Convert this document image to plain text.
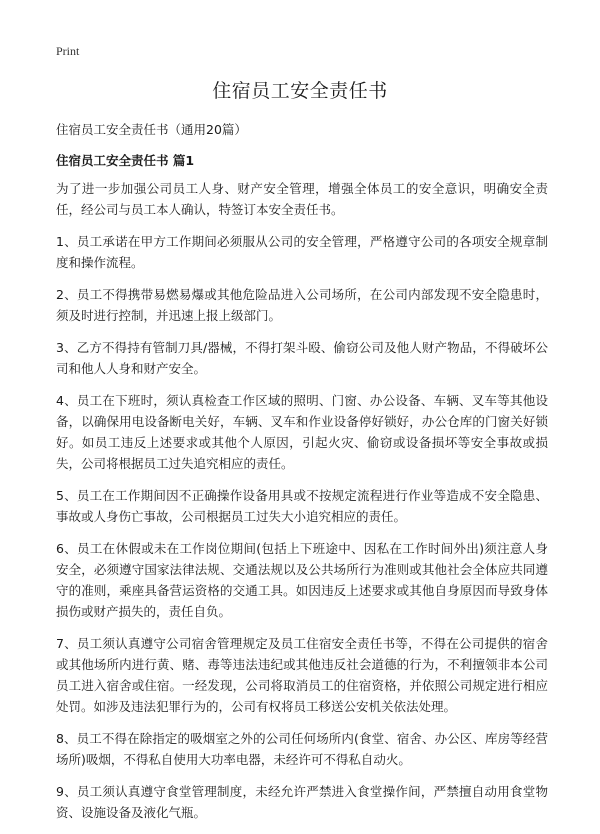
Print
住宿员工安全责任书
住宿员工安全责任书（通用20篇）
住宿员工安全责任书 篇1

为了进一步加强公司员工人身、财产安全管理，增强全体员工的安全意识，明确安全责任，经公司与员工本人确认，特签订本安全责任书。

1、员工承诺在甲方工作期间必须服从公司的安全管理，严格遵守公司的各项安全规章制度和操作流程。

2、员工不得携带易燃易爆或其他危险品进入公司场所，在公司内部发现不安全隐患时，须及时进行控制，并迅速上报上级部门。

3、乙方不得持有管制刀具/器械，不得打架斗殴、偷窃公司及他人财产物品，不得破坏公司和他人人身和财产安全。

4、员工在下班时，须认真检查工作区域的照明、门窗、办公设备、车辆、叉车等其他设备，以确保用电设备断电关好，车辆、叉车和作业设备停好锁好，办公仓库的门窗关好锁好。如员工违反上述要求或其他个人原因，引起火灾、偷窃或设备损坏等安全事故或损失，公司将根据员工过失追究相应的责任。

5、员工在工作期间因不正确操作设备用具或不按规定流程进行作业等造成不安全隐患、事故或人身伤亡事故，公司根据员工过失大小追究相应的责任。

6、员工在休假或未在工作岗位期间(包括上下班途中、因私在工作时间外出)须注意人身安全，必须遵守国家法律法规、交通法规以及公共场所行为准则或其他社会全体应共同遵守的准则，乘座具备营运资格的交通工具。如因违反上述要求或其他自身原因而导致身体损伤或财产损失的，责任自负。

7、员工须认真遵守公司宿舍管理规定及员工住宿安全责任书等，不得在公司提供的宿舍或其他场所内进行黄、赌、毒等违法违纪或其他违反社会道德的行为，不利擅领非本公司员工进入宿舍或住宿。一经发现，公司将取消员工的住宿资格，并依照公司规定进行相应处罚。如涉及违法犯罪行为的，公司有权将员工移送公安机关依法处理。

8、员工不得在除指定的吸烟室之外的公司任何场所内(食堂、宿舍、办公区、库房等经营场所)吸烟，不得私自使用大功率电器，未经许可不得私自动火。

9、员工须认真遵守食堂管理制度，未经允许严禁进入食堂操作间，严禁擅自动用食堂物资、设施设备及液化气瓶。
